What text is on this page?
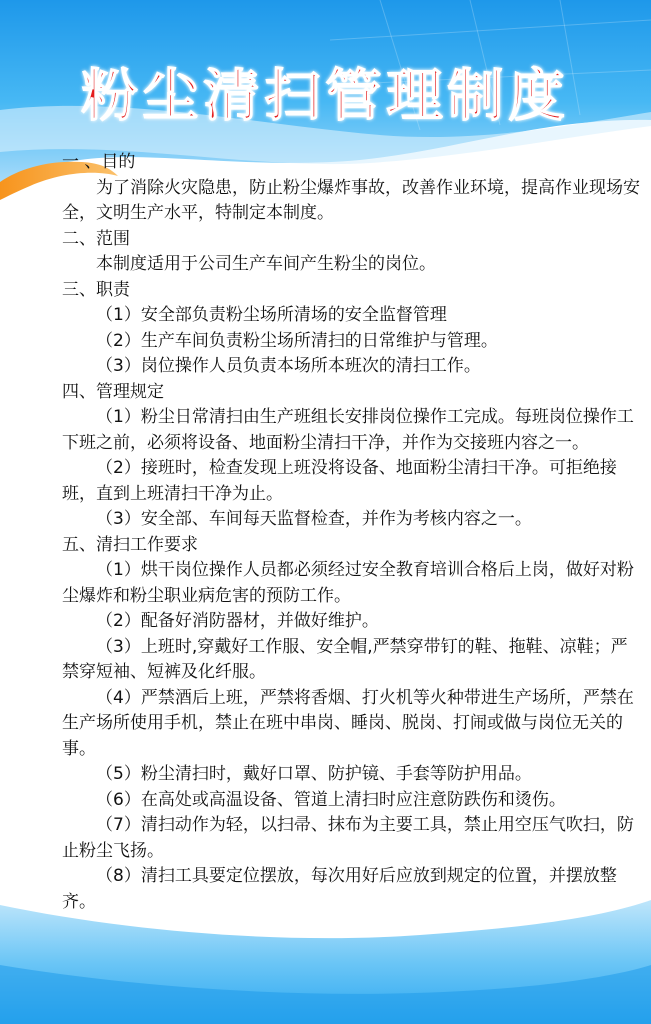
粉尘清扫管理制度

一 、目的

为了消除火灾隐患，防止粉尘爆炸事故，改善作业环境，提高作业现场安全，文明生产水平，特制定本制度。

二、范围

本制度适用于公司生产车间产生粉尘的岗位。

三、职责

（1）安全部负责粉尘场所清场的安全监督管理

（2）生产车间负责粉尘场所清扫的日常维护与管理。

（3）岗位操作人员负责本场所本班次的清扫工作。

四、管理规定

（1）粉尘日常清扫由生产班组长安排岗位操作工完成。每班岗位操作工下班之前，必须将设备、地面粉尘清扫干净，并作为交接班内容之一。

（2）接班时，检查发现上班没将设备、地面粉尘清扫干净。可拒绝接班，直到上班清扫干净为止。

（3）安全部、车间每天监督检查，并作为考核内容之一。

五、清扫工作要求

（1）烘干岗位操作人员都必须经过安全教育培训合格后上岗，做好对粉尘爆炸和粉尘职业病危害的预防工作。

（2）配备好消防器材，并做好维护。

（3）上班时,穿戴好工作服、安全帽,严禁穿带钉的鞋、拖鞋、凉鞋；严禁穿短袖、短裤及化纤服。

（4）严禁酒后上班，严禁将香烟、打火机等火种带进生产场所，严禁在生产场所使用手机，禁止在班中串岗、睡岗、脱岗、打闹或做与岗位无关的事。

（5）粉尘清扫时，戴好口罩、防护镜、手套等防护用品。

（6）在高处或高温设备、管道上清扫时应注意防跌伤和烫伤。

（7）清扫动作为轻，以扫帚、抹布为主要工具，禁止用空压气吹扫，防止粉尘飞扬。

（8）清扫工具要定位摆放，每次用好后应放到规定的位置，并摆放整齐。
